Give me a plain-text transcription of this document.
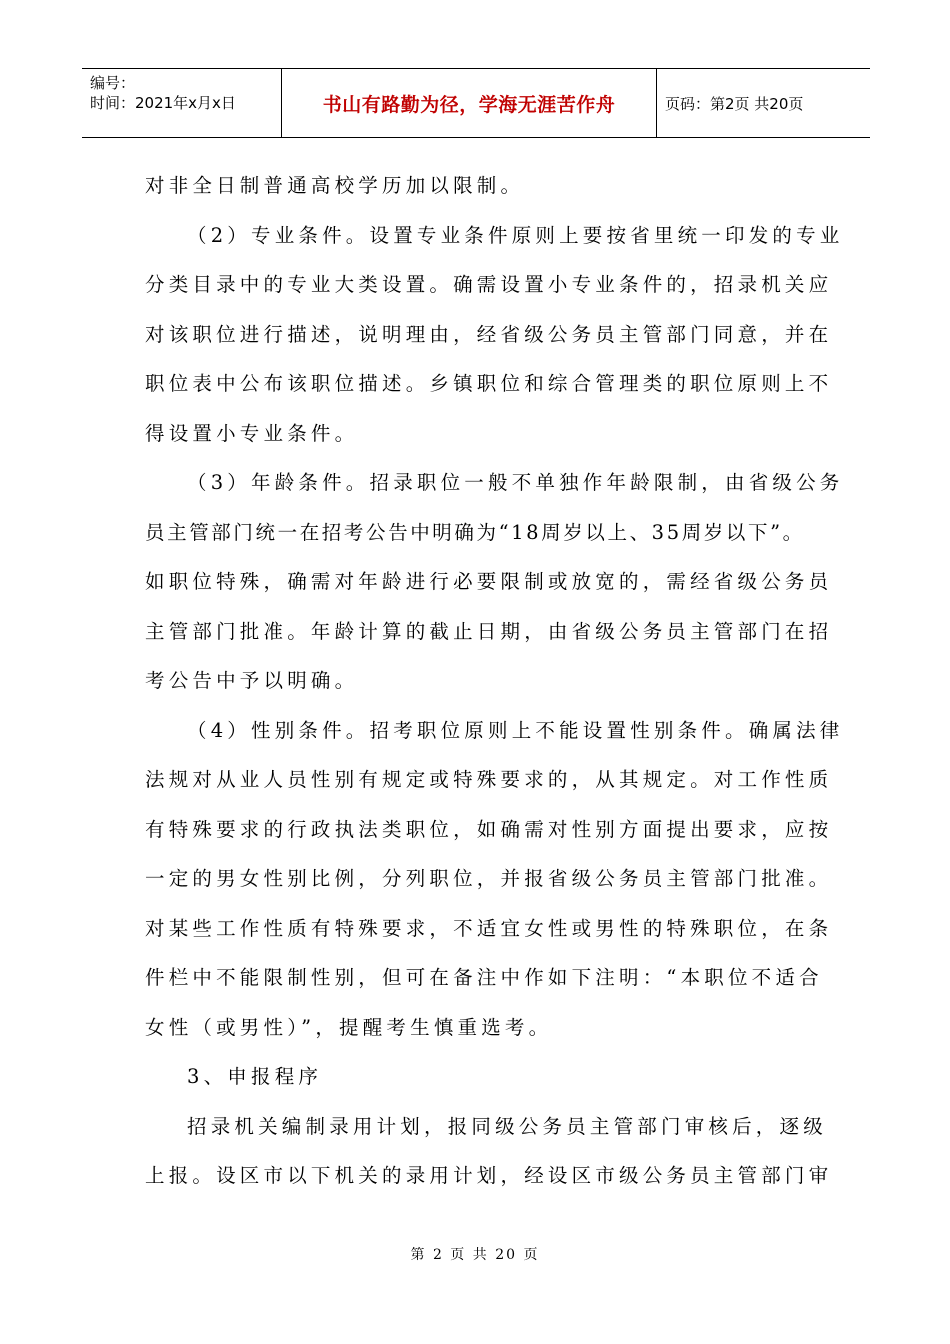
编号：
时间：2021年x月x日	书山有路勤为径，学海无涯苦作舟	页码：第2页 共20页
对非全日制普通高校学历加以限制。
（2）专业条件。设置专业条件原则上要按省里统一印发的专业
分类目录中的专业大类设置。确需设置小专业条件的，招录机关应
对该职位进行描述，说明理由，经省级公务员主管部门同意，并在
职位表中公布该职位描述。乡镇职位和综合管理类的职位原则上不
得设置小专业条件。
（3）年龄条件。招录职位一般不单独作年龄限制，由省级公务
员主管部门统一在招考公告中明确为“18周岁以上、35周岁以下”。
如职位特殊，确需对年龄进行必要限制或放宽的，需经省级公务员
主管部门批准。年龄计算的截止日期，由省级公务员主管部门在招
考公告中予以明确。
（4）性别条件。招考职位原则上不能设置性别条件。确属法律
法规对从业人员性别有规定或特殊要求的，从其规定。对工作性质
有特殊要求的行政执法类职位，如确需对性别方面提出要求，应按
一定的男女性别比例，分列职位，并报省级公务员主管部门批准。
对某些工作性质有特殊要求，不适宜女性或男性的特殊职位，在条
件栏中不能限制性别，但可在备注中作如下注明：“本职位不适合
女性（或男性）”，提醒考生慎重选考。
3、申报程序
招录机关编制录用计划，报同级公务员主管部门审核后，逐级
上报。设区市以下机关的录用计划，经设区市级公务员主管部门审
第 2 页 共 20 页
